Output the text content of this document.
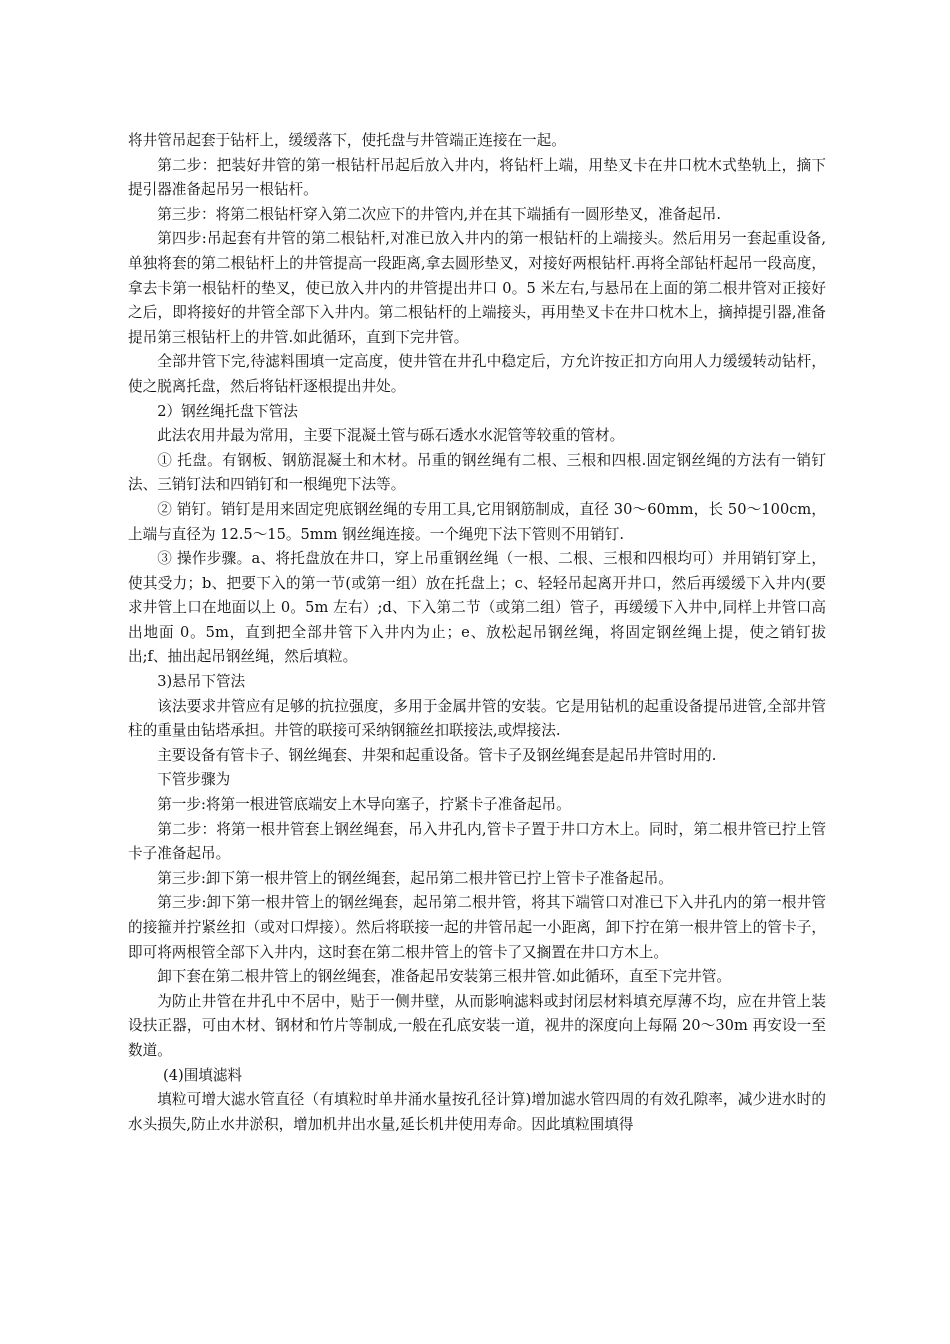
将井管吊起套于钻杆上，缓缓落下，使托盘与井管端正连接在一起。

第二步：把装好井管的第一根钻杆吊起后放入井内，将钻杆上端，用垫叉卡在井口枕木式垫轨上，摘下提引器准备起吊另一根钻杆。

第三步：将第二根钻杆穿入第二次应下的井管内,并在其下端插有一圆形垫叉，准备起吊.

第四步:吊起套有井管的第二根钻杆,对准已放入井内的第一根钻杆的上端接头。然后用另一套起重设备,单独将套的第二根钻杆上的井管提高一段距离,拿去圆形垫叉，对接好两根钻杆.再将全部钻杆起吊一段高度，拿去卡第一根钻杆的垫叉，使已放入井内的井管提出井口 0。5 米左右,与悬吊在上面的第二根井管对正接好之后，即将接好的井管全部下入井内。第二根钻杆的上端接头，再用垫叉卡在井口枕木上，摘掉提引器,准备提吊第三根钻杆上的井管.如此循环，直到下完井管。

全部井管下完,待滤料围填一定高度，使井管在井孔中稳定后，方允许按正扣方向用人力缓缓转动钻杆，使之脱离托盘，然后将钻杆逐根提出井处。

2）钢丝绳托盘下管法

此法农用井最为常用，主要下混凝土管与砾石透水水泥管等较重的管材。

① 托盘。有钢板、钢筋混凝土和木材。吊重的钢丝绳有二根、三根和四根.固定钢丝绳的方法有一销钉法、三销钉法和四销钉和一根绳兜下法等。

② 销钉。销钉是用来固定兜底钢丝绳的专用工具,它用钢筋制成，直径 30～60mm，长 50～100cm，上端与直径为 12.5～15。5mm 钢丝绳连接。一个绳兜下法下管则不用销钉.

③ 操作步骤。a、将托盘放在井口，穿上吊重钢丝绳（一根、二根、三根和四根均可）并用销钉穿上，使其受力；b、把要下入的第一节(或第一组）放在托盘上；c、轻轻吊起离开井口，然后再缓缓下入井内(要求井管上口在地面以上 0。5m 左右）;d、下入第二节（或第二组）管子，再缓缓下入井中,同样上井管口高出地面 0。5m，直到把全部井管下入井内为止；e、放松起吊钢丝绳，将固定钢丝绳上提，使之销钉拔出;f、抽出起吊钢丝绳，然后填粒。

3)悬吊下管法

该法要求井管应有足够的抗拉强度，多用于金属井管的安装。它是用钻机的起重设备提吊进管,全部井管柱的重量由钻塔承担。井管的联接可采纳钢箍丝扣联接法,或焊接法.

主要设备有管卡子、钢丝绳套、井架和起重设备。管卡子及钢丝绳套是起吊井管时用的.

下管步骤为

第一步:将第一根进管底端安上木导向塞子，拧紧卡子准备起吊。

第二步：将第一根井管套上钢丝绳套，吊入井孔内,管卡子置于井口方木上。同时，第二根井管已拧上管卡子准备起吊。

第三步:卸下第一根井管上的钢丝绳套，起吊第二根井管已拧上管卡子准备起吊。

第三步:卸下第一根井管上的钢丝绳套，起吊第二根井管，将其下端管口对准已下入井孔内的第一根井管的接箍并拧紧丝扣（或对口焊接）。然后将联接一起的井管吊起一小距离，卸下拧在第一根井管上的管卡子，即可将两根管全部下入井内，这时套在第二根井管上的管卡了又搁置在井口方木上。

卸下套在第二根井管上的钢丝绳套，准备起吊安装第三根井管.如此循环，直至下完井管。

为防止井管在井孔中不居中，贴于一侧井壁，从而影响滤料或封闭层材料填充厚薄不均，应在井管上装设扶正器，可由木材、钢材和竹片等制成,一般在孔底安装一道，视井的深度向上每隔 20～30m 再安设一至数道。

(4)围填滤料

填粒可增大滤水管直径（有填粒时单井涌水量按孔径计算)增加滤水管四周的有效孔隙率，减少进水时的水头损失,防止水井淤积，增加机井出水量,延长机井使用寿命。因此填粒围填得
